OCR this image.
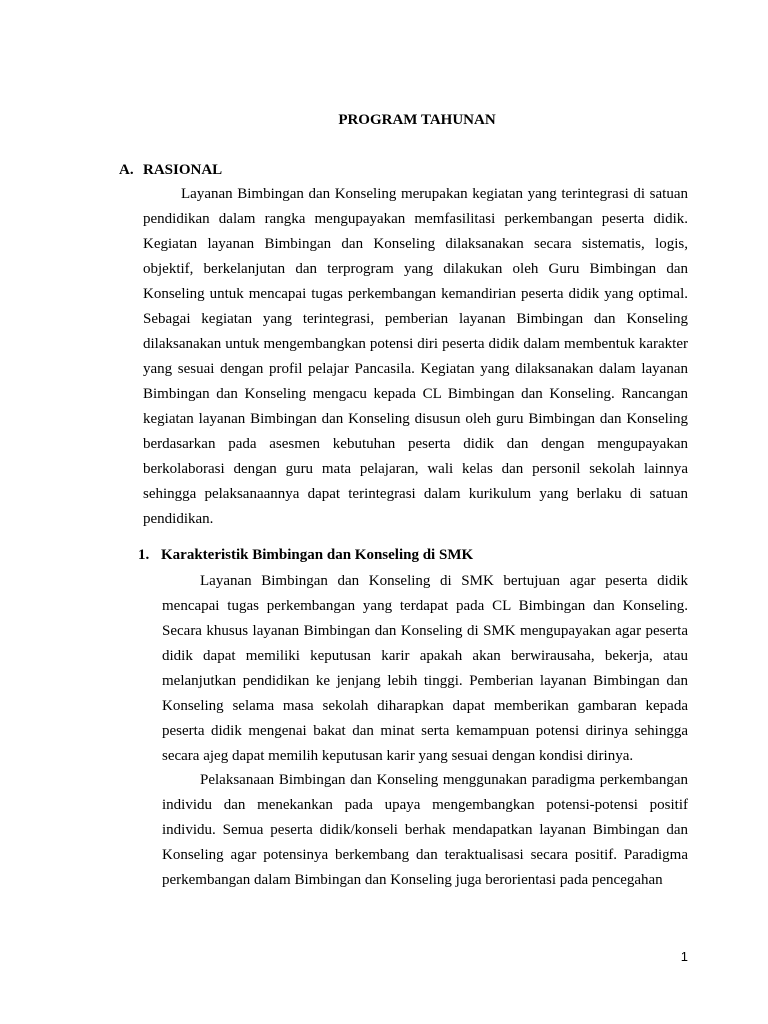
PROGRAM TAHUNAN
A. RASIONAL

Layanan Bimbingan dan Konseling merupakan kegiatan yang terintegrasi di satuan pendidikan dalam rangka mengupayakan memfasilitasi perkembangan peserta didik. Kegiatan layanan Bimbingan dan Konseling dilaksanakan secara sistematis, logis, objektif, berkelanjutan dan terprogram yang dilakukan oleh Guru Bimbingan dan Konseling untuk mencapai tugas perkembangan kemandirian peserta didik yang optimal. Sebagai kegiatan yang terintegrasi, pemberian layanan Bimbingan dan Konseling dilaksanakan untuk mengembangkan potensi diri peserta didik dalam membentuk karakter yang sesuai dengan profil pelajar Pancasila. Kegiatan yang dilaksanakan dalam layanan Bimbingan dan Konseling mengacu kepada CL Bimbingan dan Konseling. Rancangan kegiatan layanan Bimbingan dan Konseling disusun oleh guru Bimbingan dan Konseling berdasarkan pada asesmen kebutuhan peserta didik dan dengan mengupayakan berkolaborasi dengan guru mata pelajaran, wali kelas dan personil sekolah lainnya sehingga pelaksanaannya dapat terintegrasi dalam kurikulum yang berlaku di satuan pendidikan.

1. Karakteristik Bimbingan dan Konseling di SMK

Layanan Bimbingan dan Konseling di SMK bertujuan agar peserta didik mencapai tugas perkembangan yang terdapat pada CL Bimbingan dan Konseling. Secara khusus layanan Bimbingan dan Konseling di SMK mengupayakan agar peserta didik dapat memiliki keputusan karir apakah akan berwirausaha, bekerja, atau melanjutkan pendidikan ke jenjang lebih tinggi. Pemberian layanan Bimbingan dan Konseling selama masa sekolah diharapkan dapat memberikan gambaran kepada peserta didik mengenai bakat dan minat serta kemampuan potensi dirinya sehingga secara ajeg dapat memilih keputusan karir yang sesuai dengan kondisi dirinya.

Pelaksanaan Bimbingan dan Konseling menggunakan paradigma perkembangan individu dan menekankan pada upaya mengembangkan potensi-potensi positif individu. Semua peserta didik/konseli berhak mendapatkan layanan Bimbingan dan Konseling agar potensinya berkembang dan teraktualisasi secara positif. Paradigma perkembangan dalam Bimbingan dan Konseling juga berorientasi pada pencegahan

1
